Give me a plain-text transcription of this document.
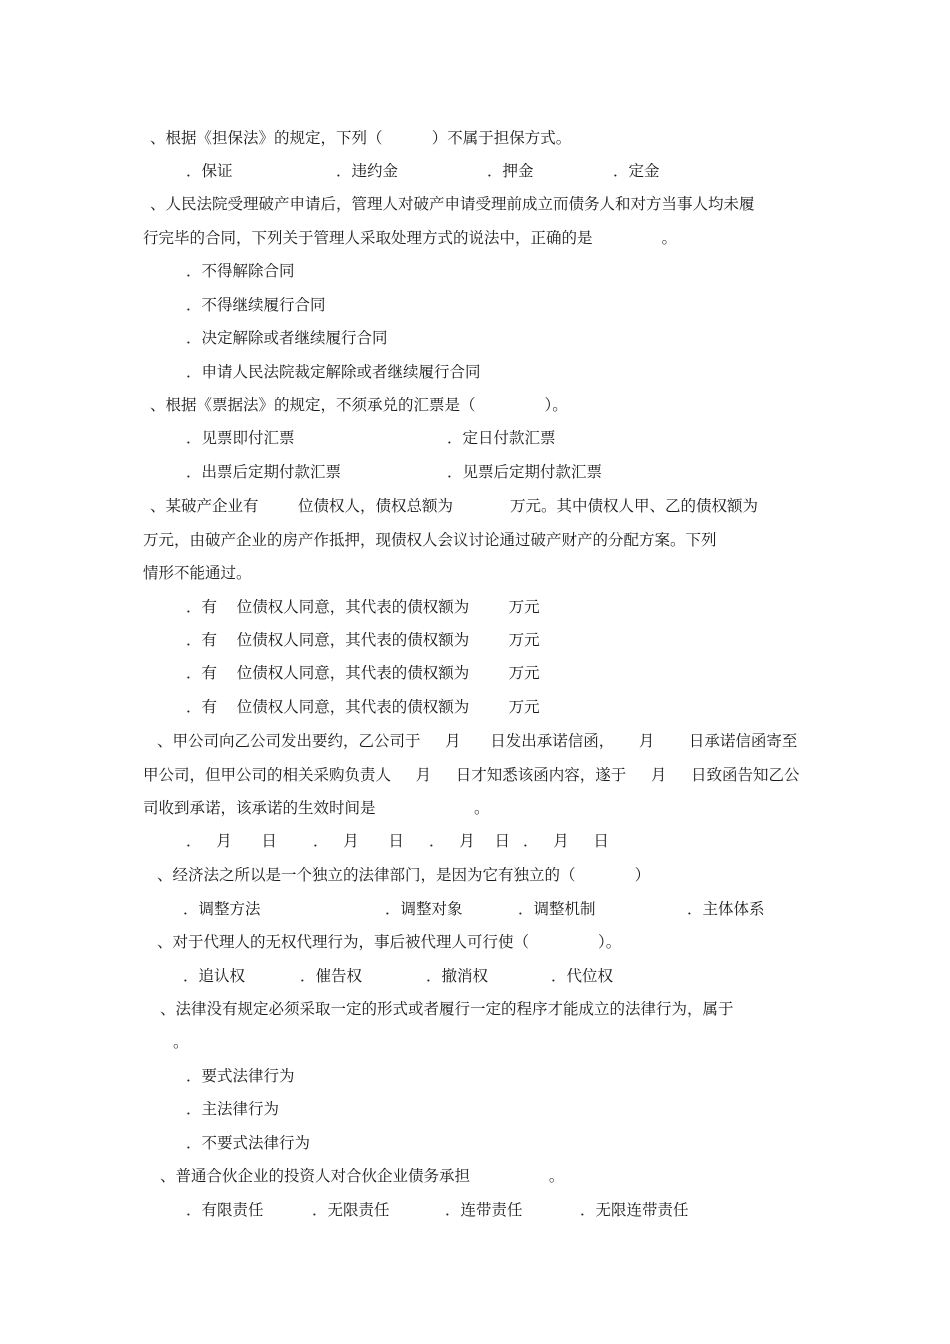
、根据《担保法》的规定，下列（          ）不属于担保方式。
．保证	．违约金	．押金	．定金
、人民法院受理破产申请后，管理人对破产申请受理前成立而债务人和对方当事人均未履
行完毕的合同，下列关于管理人采取处理方式的说法中，正确的是              。
．不得解除合同
．不得继续履行合同
．决定解除或者继续履行合同
．申请人民法院裁定解除或者继续履行合同
、根据《票据法》的规定，不须承兑的汇票是（              ）。
．见票即付汇票	．定日付款汇票
．出票后定期付款汇票	．见票后定期付款汇票
、某破产企业有	位债权人，债权总额为	万元。其中债权人甲、乙的债权额为
万元，由破产企业的房产作抵押，现债权人会议讨论通过破产财产的分配方案。下列
情形不能通过。
．有    位债权人同意，其代表的债权额为        万元
．有    位债权人同意，其代表的债权额为        万元
．有    位债权人同意，其代表的债权额为        万元
．有    位债权人同意，其代表的债权额为        万元
、甲公司向乙公司发出要约，乙公司于     月      日发出承诺信函，     月       日承诺信函寄至
甲公司，但甲公司的相关采购负责人     月     日才知悉该函内容，遂于     月     日致函告知乙公
司收到承诺，该承诺的生效时间是                    。
．   月      日 ．   月      日 ．   月    日 ．   月     日
、经济法之所以是一个独立的法律部门，是因为它有独立的（            ）
．调整方法	．调整对象	．调整机制	．主体体系
、对于代理人的无权代理行为，事后被代理人可行使（              ）。
．追认权	．催告权	．撤消权	．代位权
、法律没有规定必须采取一定的形式或者履行一定的程序才能成立的法律行为，属于
。
．要式法律行为
．主法律行为
．不要式法律行为
、普通合伙企业的投资人对合伙企业债务承担                。
．有限责任	．无限责任	．连带责任	．无限连带责任
